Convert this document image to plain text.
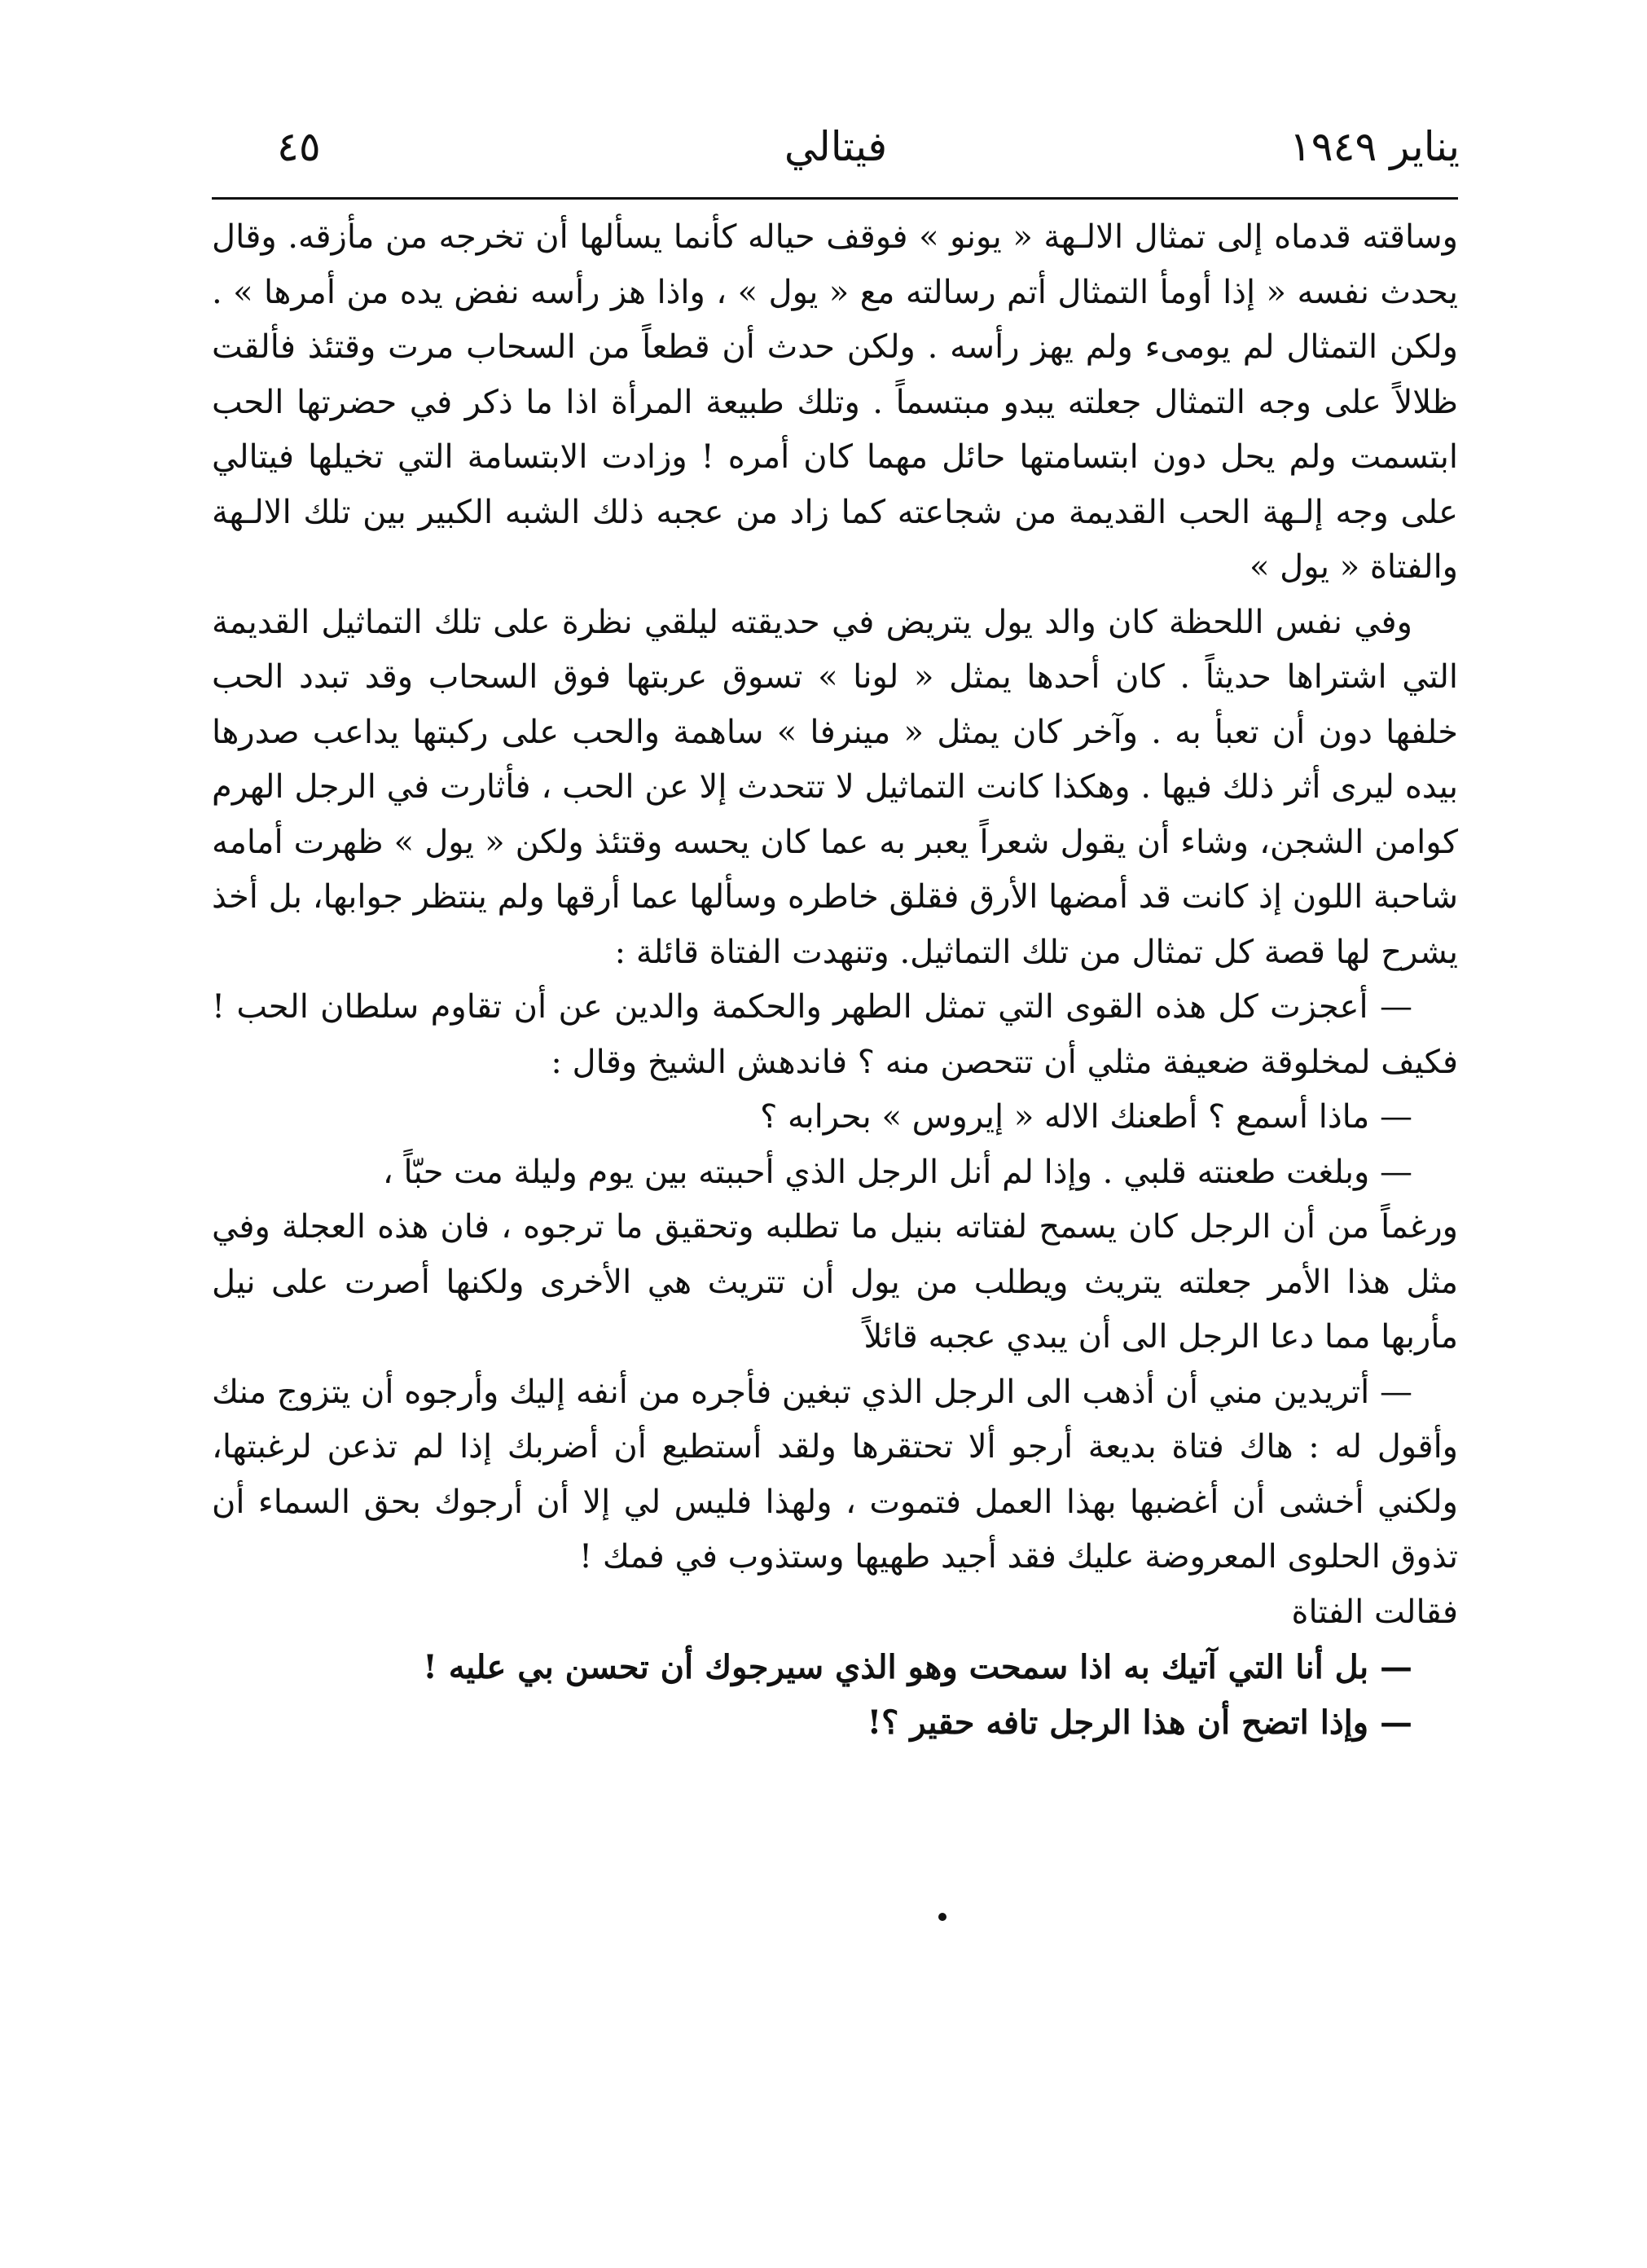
يناير ١٩٤٩
فيتالي
٤٥

وساقته قدماه إلى تمثال الالـهة « يونو » فوقف حياله كأنما يسألها أن تخرجه من مأزقه. وقال يحدث نفسه « إذا أومأ التمثال أتم رسالته مع « يول » ، واذا هز رأسه نفض يده من أمرها » . ولكن التمثال لم يومىء ولم يهز رأسه . ولكن حدث أن قطعاً من السحاب مرت وقتئذ فألقت ظلالاً على وجه التمثال جعلته يبدو مبتسماً . وتلك طبيعة المرأة اذا ما ذكر في حضرتها الحب ابتسمت ولم يحل دون ابتسامتها حائل مهما كان أمره ! وزادت الابتسامة التي تخيلها فيتالي على وجه إلـهة الحب القديمة من شجاعته كما زاد من عجبه ذلك الشبه الكبير بين تلك الالـهة والفتاة « يول »

وفي نفس اللحظة كان والد يول يتريض في حديقته ليلقي نظرة على تلك التماثيل القديمة التي اشتراها حديثاً . كان أحدها يمثل « لونا » تسوق عربتها فوق السحاب وقد تبدد الحب خلفها دون أن تعبأ به . وآخر كان يمثل « مينرفا » ساهمة والحب على ركبتها يداعب صدرها بيده ليرى أثر ذلك فيها . وهكذا كانت التماثيل لا تتحدث إلا عن الحب ، فأثارت في الرجل الهرم كوامن الشجن، وشاء أن يقول شعراً يعبر به عما كان يحسه وقتئذ ولكن « يول » ظهرت أمامه شاحبة اللون إذ كانت قد أمضها الأرق فقلق خاطره وسألها عما أرقها ولم ينتظر جوابها، بل أخذ يشرح لها قصة كل تمثال من تلك التماثيل. وتنهدت الفتاة قائلة :

— أعجزت كل هذه القوى التي تمثل الطهر والحكمة والدين عن أن تقاوم سلطان الحب ! فكيف لمخلوقة ضعيفة مثلي أن تتحصن منه ؟ فاندهش الشيخ وقال :

— ماذا أسمع ؟ أطعنك الاله « إيروس » بحرابه ؟

— وبلغت طعنته قلبي . وإذا لم أنل الرجل الذي أحببته بين يوم وليلة مت حبّاً ،

ورغماً من أن الرجل كان يسمح لفتاته بنيل ما تطلبه وتحقيق ما ترجوه ، فان هذه العجلة وفي مثل هذا الأمر جعلته يتريث ويطلب من يول أن تتريث هي الأخرى ولكنها أصرت على نيل مأربها مما دعا الرجل الى أن يبدي عجبه قائلاً

— أتريدين مني أن أذهب الى الرجل الذي تبغين فأجره من أنفه إليك وأرجوه أن يتزوج منك وأقول له : هاك فتاة بديعة أرجو ألا تحتقرها ولقد أستطيع أن أضربك إذا لم تذعن لرغبتها، ولكني أخشى أن أغضبها بهذا العمل فتموت ، ولهذا فليس لي إلا أن أرجوك بحق السماء أن تذوق الحلوى المعروضة عليك فقد أجيد طهيها وستذوب في فمك !

فقالت الفتاة

— بل أنا التي آتيك به اذا سمحت وهو الذي سيرجوك أن تحسن بي عليه !

— وإذا اتضح أن هذا الرجل تافه حقير ؟!
